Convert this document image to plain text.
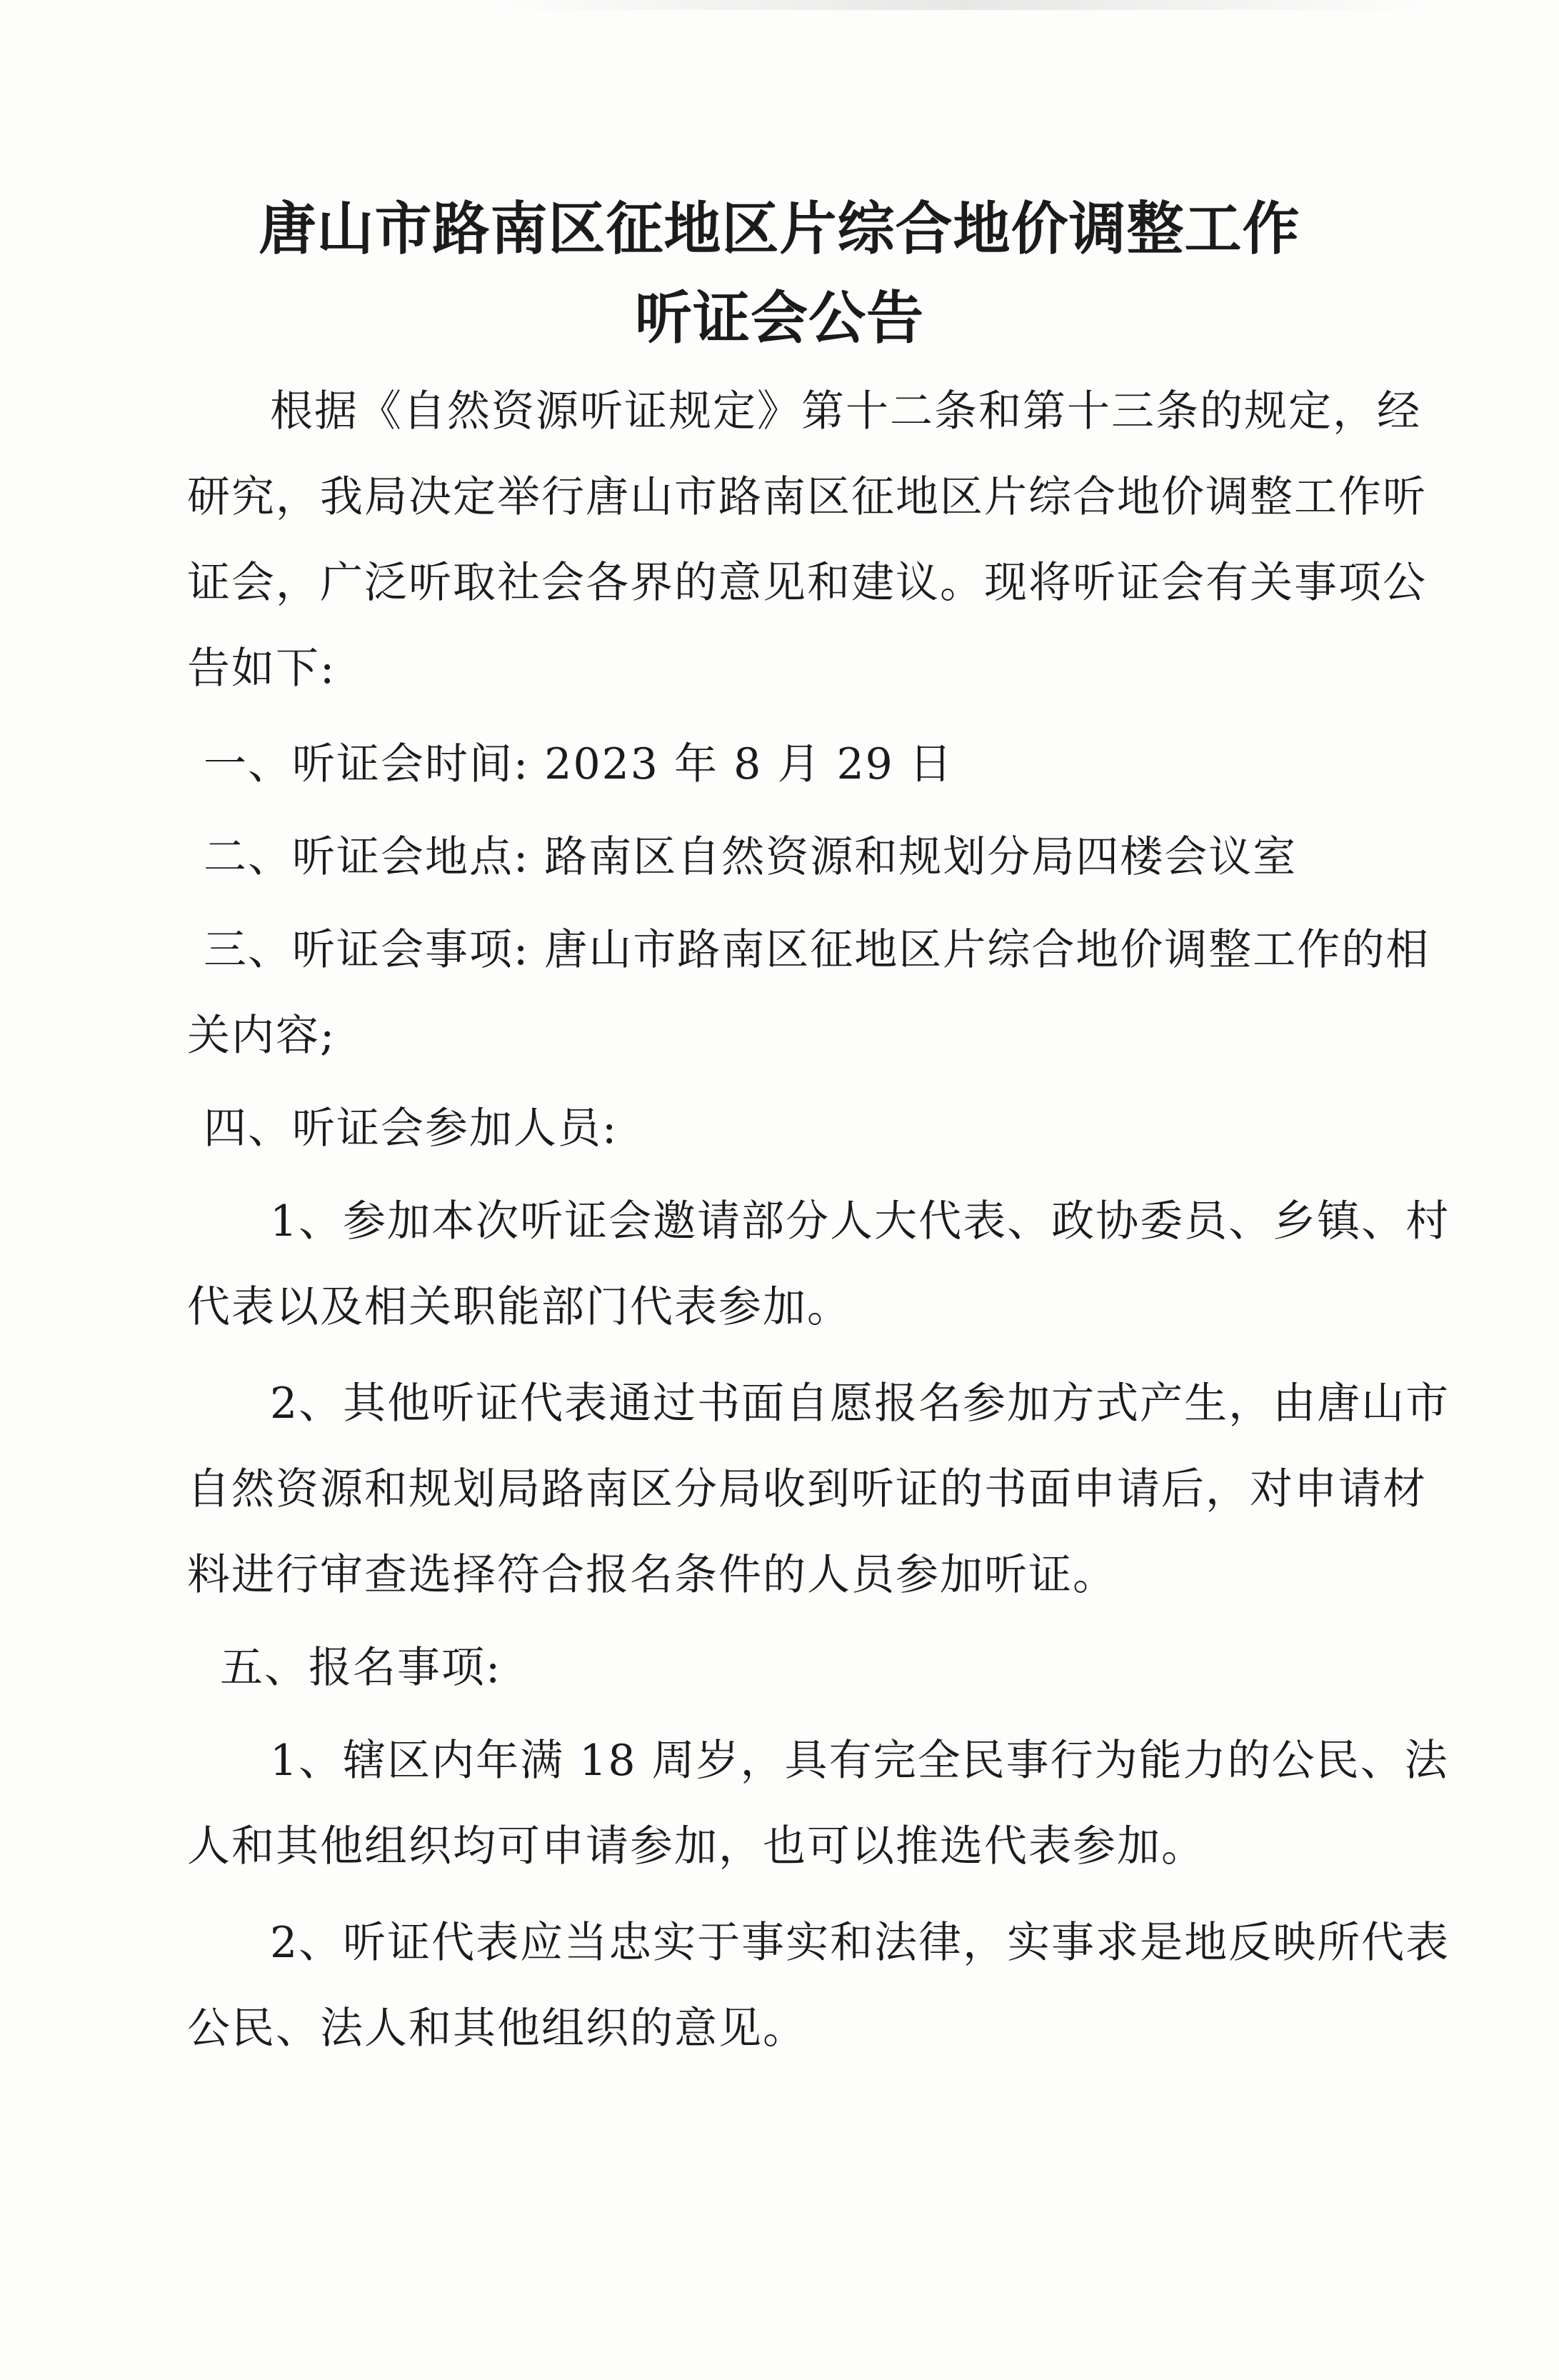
唐山市路南区征地区片综合地价调整工作
听证会公告
根据《自然资源听证规定》第十二条和第十三条的规定，经
研究，我局决定举行唐山市路南区征地区片综合地价调整工作听
证会，广泛听取社会各界的意见和建议。现将听证会有关事项公
告如下:
一、听证会时间: 2023 年 8 月 29 日
二、听证会地点: 路南区自然资源和规划分局四楼会议室
三、听证会事项: 唐山市路南区征地区片综合地价调整工作的相
关内容;
四、听证会参加人员:
1、参加本次听证会邀请部分人大代表、政协委员、乡镇、村
代表以及相关职能部门代表参加。
2、其他听证代表通过书面自愿报名参加方式产生，由唐山市
自然资源和规划局路南区分局收到听证的书面申请后，对申请材
料进行审查选择符合报名条件的人员参加听证。
五、报名事项:
1、辖区内年满 18 周岁，具有完全民事行为能力的公民、法
人和其他组织均可申请参加，也可以推选代表参加。
2、听证代表应当忠实于事实和法律，实事求是地反映所代表
公民、法人和其他组织的意见。
